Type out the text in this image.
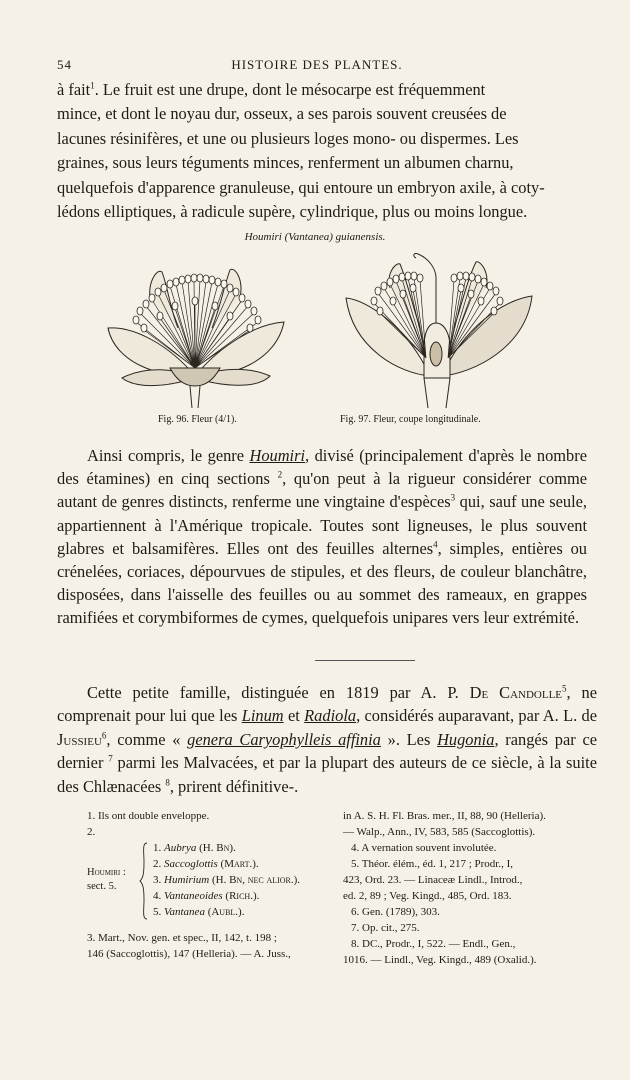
54	HISTOIRE DES PLANTES.

à fait$^1$. Le fruit est une drupe, dont le mésocarpe est fréquemment

mince, et dont le noyau dur, osseux, a ses parois souvent creusées de

lacunes résinifères, et une ou plusieurs loges mono- ou dispermes. Les

graines, sous leurs téguments minces, renferment un albumen charnu,

quelquefois d'apparence granuleuse, qui entoure un embryon axile, à coty-

lédons elliptiques, à radicule supère, cylindrique, plus ou moins longue.

Houmiri (Vantanea) guianensis.
Fig. 96. Fleur (4/1).	Fig. 97. Fleur, coupe longitudinale.

Ainsi compris, le genre Houmiri, divisé (principalement d'après le nombre des étamines) en cinq sections $^2$, qu'on peut à la rigueur considérer comme autant de genres distincts, renferme une vingtaine d'espèces$^3$ qui, sauf une seule, appartiennent à l'Amérique tropicale. Toutes sont ligneuses, le plus souvent glabres et balsamifères. Elles ont des feuilles alternes$^4$, simples, entières ou crénelées, coriaces, dépourvues de stipules, et des fleurs, de couleur blanchâtre, disposées, dans l'aisselle des feuilles ou au sommet des rameaux, en grappes ramifiées et corymbiformes de cymes, quelquefois unipares vers leur extrémité.

Cette petite famille, distinguée en 1819 par A. P. De Candolle$^5$, ne comprenait pour lui que les Linum et Radiola, considérés auparavant, par A. L. de Jussieu$^6$, comme « genera Caryophylleis affinia ». Les Hugonia, rangés par ce dernier $^7$ parmi les Malvacées, et par la plupart des auteurs de ce siècle, à la suite des Chlænacées $^8$, prirent définitive-.

1. Ils ont double enveloppe.

2.

Houmiri :
sect. 5.
1. Aubrya (H. Bn).
2. Saccoglottis (Mart.).
3. Humirium (H. Bn, nec alior.).
4. Vantaneoides (Rich.).
5. Vantanea (Aubl.).

3. Mart., Nov. gen. et spec., II, 142, t. 198 ;

146 (Saccoglottis), 147 (Helleria). — A. Juss.,

in A. S. H. Fl. Bras. mer., II, 88, 90 (Helleria).

— Walp., Ann., IV, 583, 585 (Saccoglottis).

4. A vernation souvent involutée.

5. Théor. élém., éd. 1, 217 ; Prodr., I,

423, Ord. 23. — Linaceæ Lindl., Introd.,

ed. 2, 89 ; Veg. Kingd., 485, Ord. 183.

6. Gen. (1789), 303.

7. Op. cit., 275.

8. DC., Prodr., I, 522. — Endl., Gen.,

1016. — Lindl., Veg. Kingd., 489 (Oxalid.).
